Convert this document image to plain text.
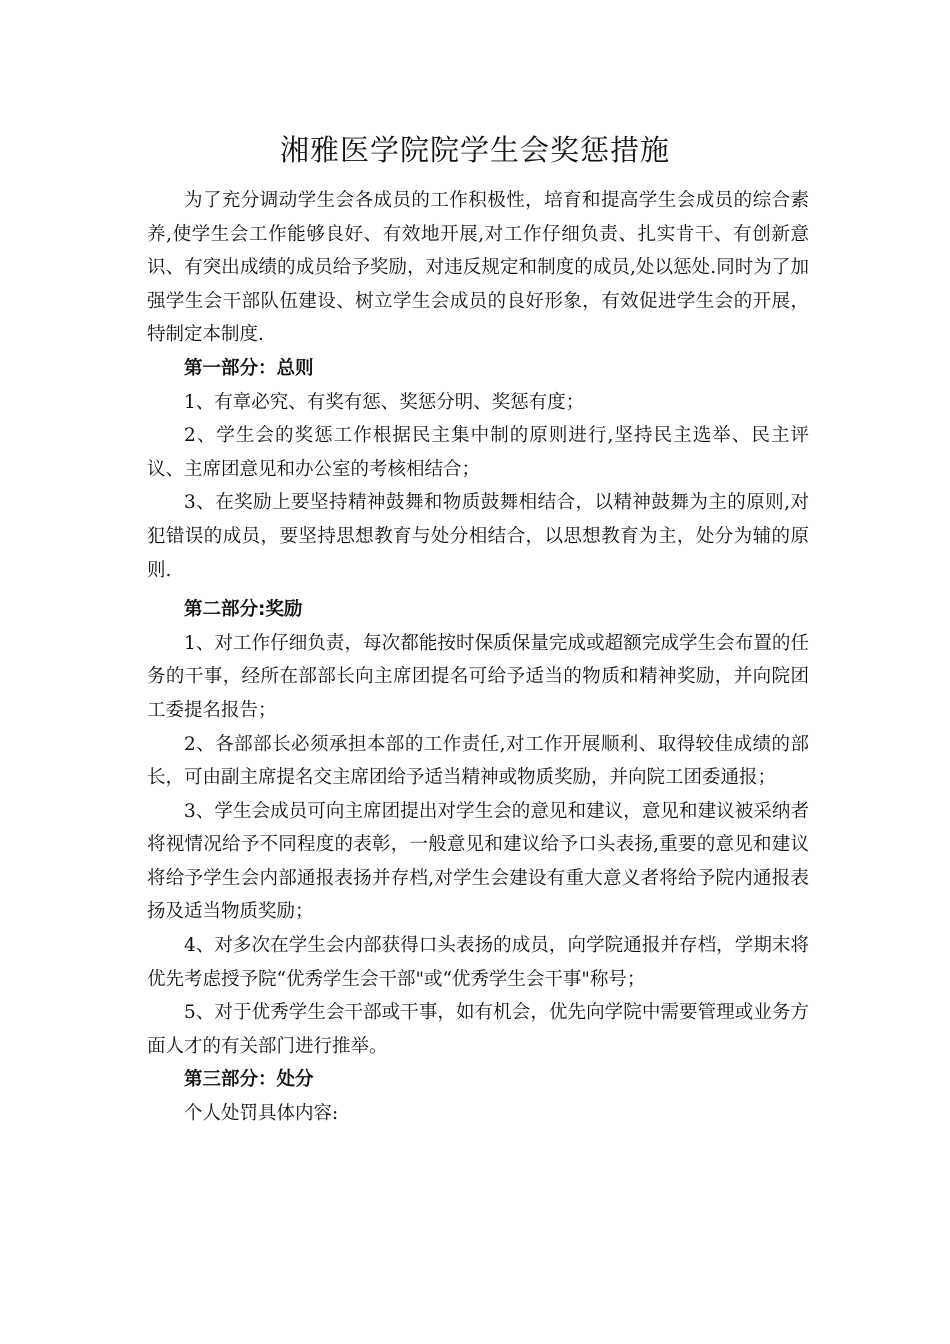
湘雅医学院院学生会奖惩措施

为了充分调动学生会各成员的工作积极性，培育和提高学生会成员的综合素养,使学生会工作能够良好、有效地开展,对工作仔细负责、扎实肯干、有创新意识、有突出成绩的成员给予奖励，对违反规定和制度的成员,处以惩处.同时为了加强学生会干部队伍建设、树立学生会成员的良好形象，有效促进学生会的开展，特制定本制度.

第一部分：总则

1、有章必究、有奖有惩、奖惩分明、奖惩有度；

2、学生会的奖惩工作根据民主集中制的原则进行,坚持民主选举、民主评议、主席团意见和办公室的考核相结合；

3、在奖励上要坚持精神鼓舞和物质鼓舞相结合，以精神鼓舞为主的原则,对犯错误的成员，要坚持思想教育与处分相结合，以思想教育为主，处分为辅的原则.

第二部分:奖励

1、对工作仔细负责，每次都能按时保质保量完成或超额完成学生会布置的任务的干事，经所在部部长向主席团提名可给予适当的物质和精神奖励，并向院团工委提名报告；

2、各部部长必须承担本部的工作责任,对工作开展顺利、取得较佳成绩的部长，可由副主席提名交主席团给予适当精神或物质奖励，并向院工团委通报；

3、学生会成员可向主席团提出对学生会的意见和建议，意见和建议被采纳者将视情况给予不同程度的表彰，一般意见和建议给予口头表扬,重要的意见和建议将给予学生会内部通报表扬并存档,对学生会建设有重大意义者将给予院内通报表扬及适当物质奖励；

4、对多次在学生会内部获得口头表扬的成员，向学院通报并存档，学期末将优先考虑授予院“优秀学生会干部"或“优秀学生会干事"称号；

5、对于优秀学生会干部或干事，如有机会，优先向学院中需要管理或业务方面人才的有关部门进行推举。

第三部分：处分

个人处罚具体内容:
